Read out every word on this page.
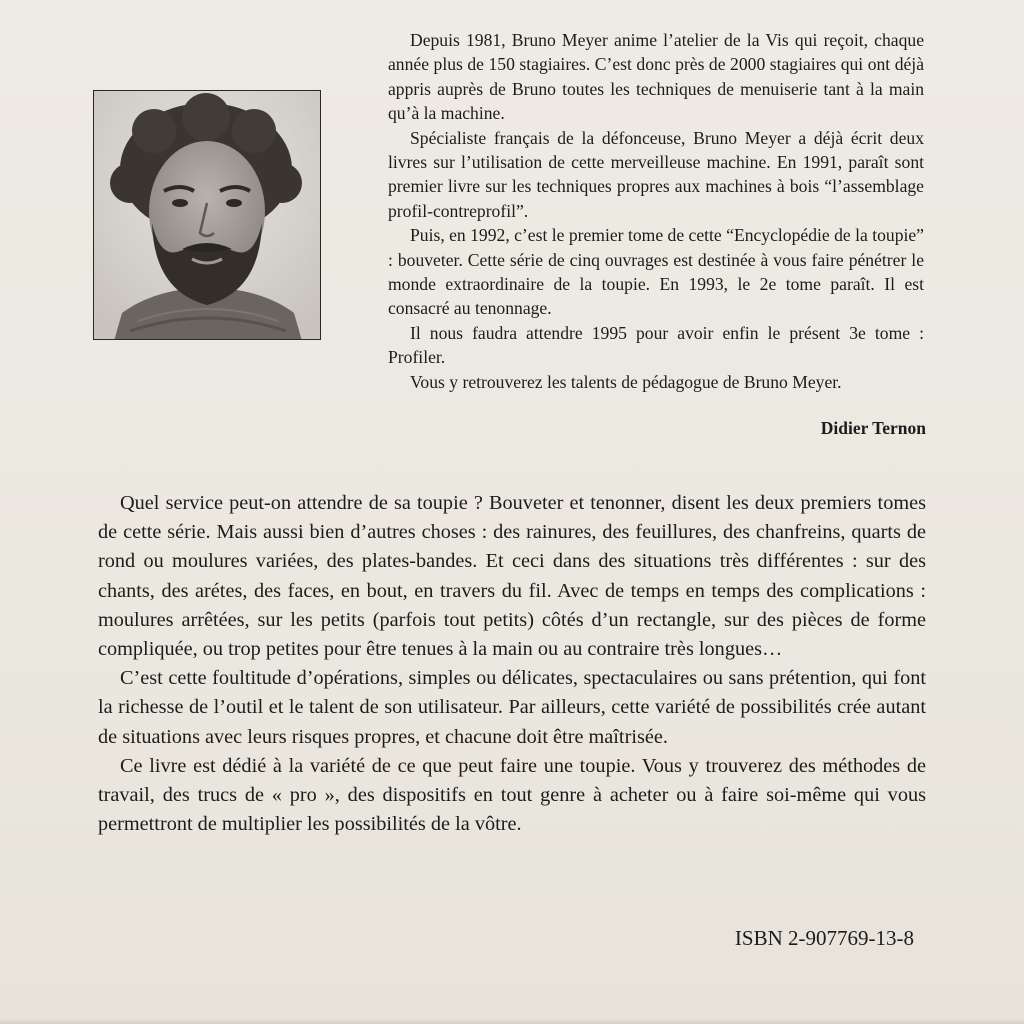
Depuis 1981, Bruno Meyer anime l’atelier de la Vis qui reçoit, chaque année plus de 150 stagiaires. C’est donc près de 2000 stagiaires qui ont déjà appris auprès de Bruno toutes les techniques de menuiserie tant à la main qu’à la machine.

Spécialiste français de la défonceuse, Bruno Meyer a déjà écrit deux livres sur l’utilisation de cette merveilleuse machine. En 1991, paraît sont premier livre sur les techniques propres aux machines à bois “l’assemblage profil-contreprofil”.

Puis, en 1992, c’est le premier tome de cette “Encyclopédie de la toupie” : bouveter. Cette série de cinq ouvrages est destinée à vous faire pénétrer le monde extraordinaire de la toupie. En 1993, le 2e tome paraît. Il est consacré au tenonnage.

Il nous faudra attendre 1995 pour avoir enfin le présent 3e tome : Profiler.

Vous y retrouverez les talents de pédagogue de Bruno Meyer.

Didier Ternon

Quel service peut-on attendre de sa toupie ? Bouveter et tenonner, disent les deux premiers tomes de cette série. Mais aussi bien d’autres choses : des rainures, des feuillures, des chanfreins, quarts de rond ou moulures variées, des plates-bandes. Et ceci dans des situations très différentes : sur des chants, des arétes, des faces, en bout, en travers du fil. Avec de temps en temps des complications : moulures arrêtées, sur les petits (parfois tout petits) côtés d’un rectangle, sur des pièces de forme compliquée, ou trop petites pour être tenues à la main ou au contraire très longues…

C’est cette foultitude d’opérations, simples ou délicates, spectaculaires ou sans prétention, qui font la richesse de l’outil et le talent de son utilisateur. Par ailleurs, cette variété de possibilités crée autant de situations avec leurs risques propres, et chacune doit être maîtrisée.

Ce livre est dédié à la variété de ce que peut faire une toupie. Vous y trouverez des méthodes de travail, des trucs de « pro », des dispositifs en tout genre à acheter ou à faire soi-même qui vous permettront de multiplier les possibilités de la vôtre.

ISBN 2-907769-13-8
